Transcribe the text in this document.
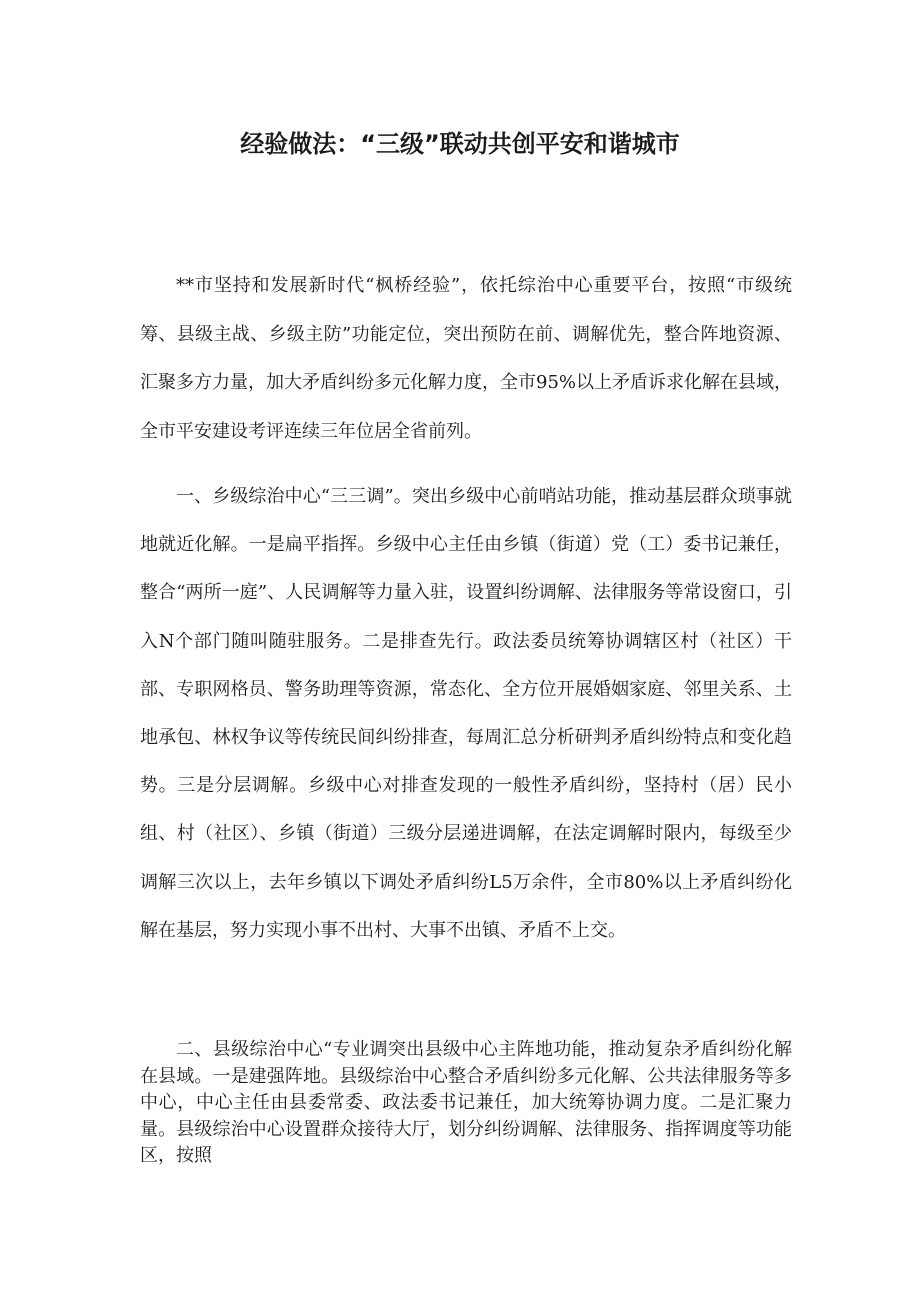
经验做法：“三级”联动共创平安和谐城市

**市坚持和发展新时代“枫桥经验”，依托综治中心重要平台，按照“市级统筹、县级主战、乡级主防”功能定位，突出预防在前、调解优先，整合阵地资源、汇聚多方力量，加大矛盾纠纷多元化解力度，全市95%以上矛盾诉求化解在县域，全市平安建设考评连续三年位居全省前列。

一、乡级综治中心“三三调”。突出乡级中心前哨站功能，推动基层群众琐事就地就近化解。一是扁平指挥。乡级中心主任由乡镇（街道）党（工）委书记兼任，整合“两所一庭”、人民调解等力量入驻，设置纠纷调解、法律服务等常设窗口，引入N个部门随叫随驻服务。二是排查先行。政法委员统筹协调辖区村（社区）干部、专职网格员、警务助理等资源，常态化、全方位开展婚姻家庭、邻里关系、土地承包、林权争议等传统民间纠纷排查，每周汇总分析研判矛盾纠纷特点和变化趋势。三是分层调解。乡级中心对排查发现的一般性矛盾纠纷，坚持村（居）民小组、村（社区）、乡镇（街道）三级分层递进调解，在法定调解时限内，每级至少调解三次以上，去年乡镇以下调处矛盾纠纷L5万余件，全市80%以上矛盾纠纷化解在基层，努力实现小事不出村、大事不出镇、矛盾不上交。

二、县级综治中心“专业调突出县级中心主阵地功能，推动复杂矛盾纠纷化解在县域。一是建强阵地。县级综治中心整合矛盾纠纷多元化解、公共法律服务等多中心，中心主任由县委常委、政法委书记兼任，加大统筹协调力度。二是汇聚力量。县级综治中心设置群众接待大厅，划分纠纷调解、法律服务、指挥调度等功能区，按照
